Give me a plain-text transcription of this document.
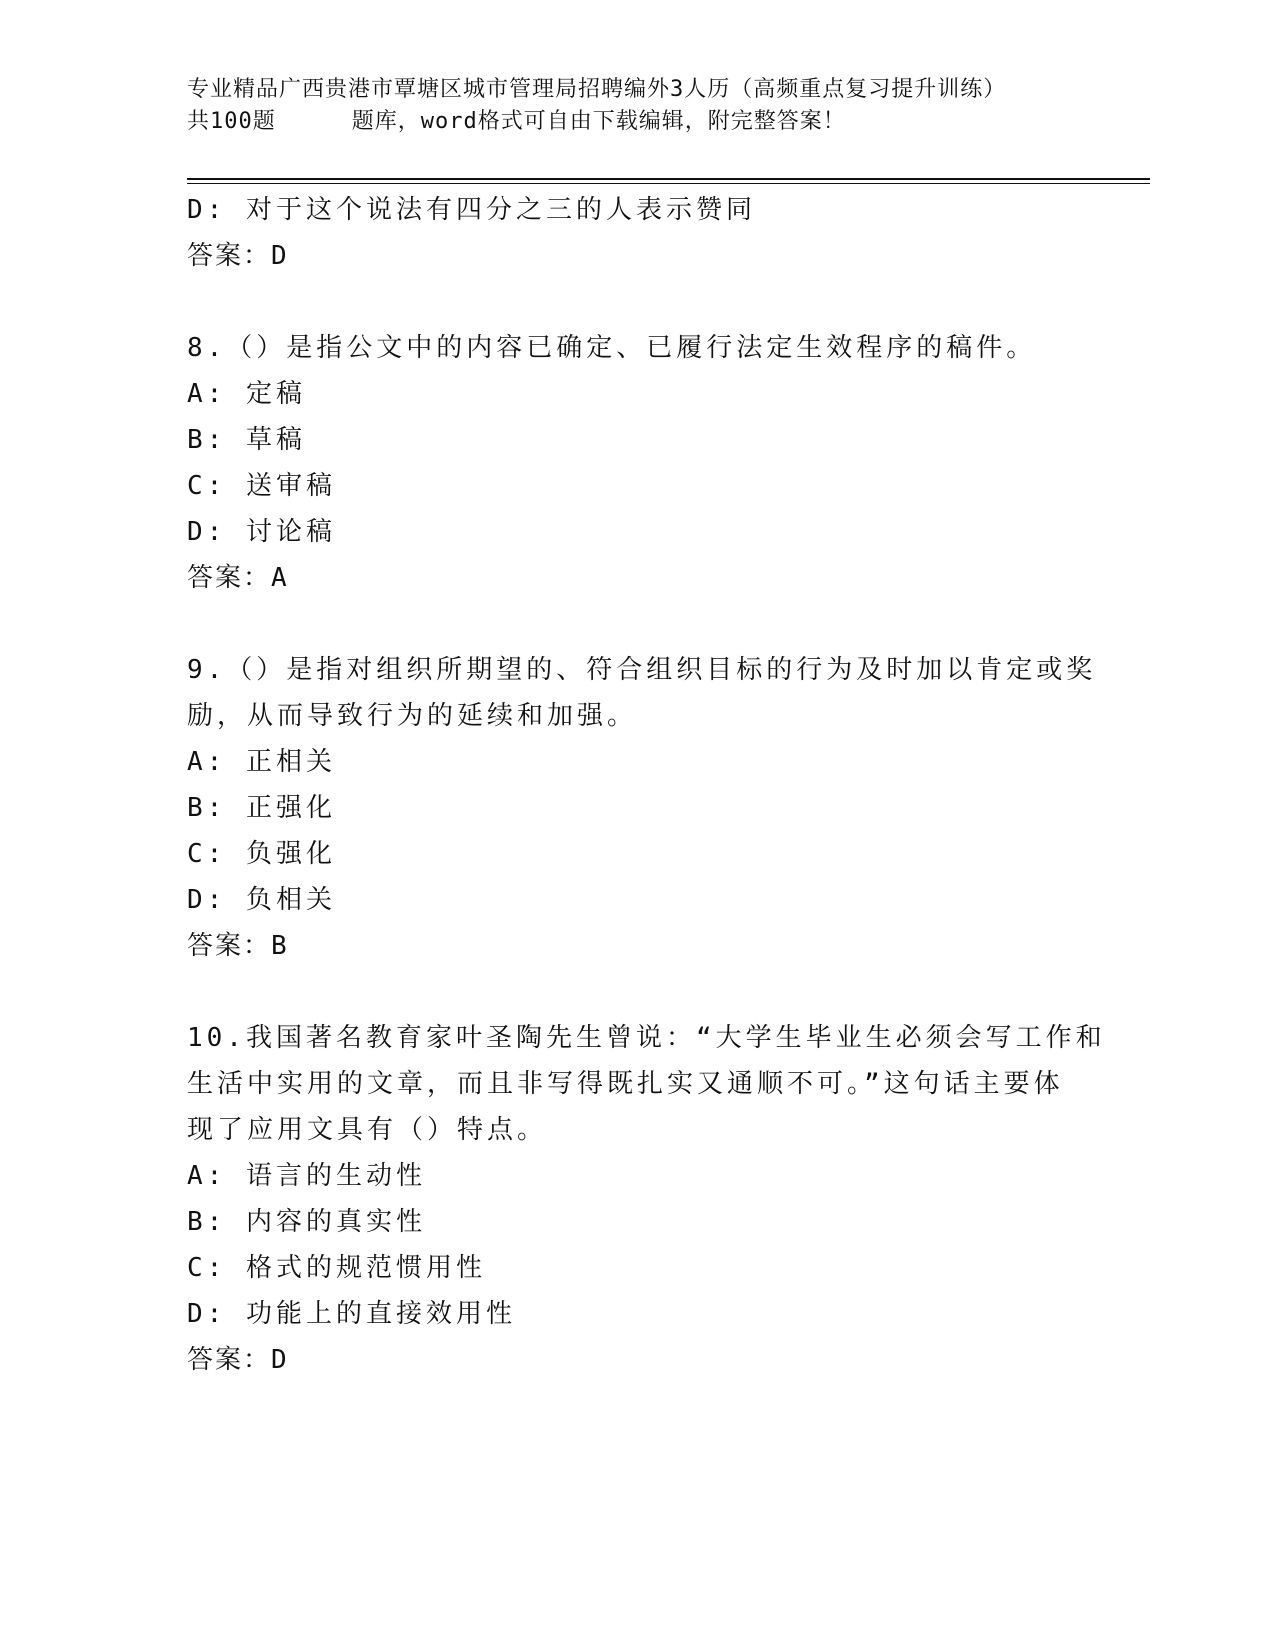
专业精品广西贵港市覃塘区城市管理局招聘编外3人历（高频重点复习提升训练）
共100题	题库，word格式可自由下载编辑，附完整答案！
D: 对于这个说法有四分之三的人表示赞同
答案：D
8.（）是指公文中的内容已确定、已履行法定生效程序的稿件。
A: 定稿
B: 草稿
C: 送审稿
D: 讨论稿
答案：A
9.（）是指对组织所期望的、符合组织目标的行为及时加以肯定或奖
励，从而导致行为的延续和加强。
A: 正相关
B: 正强化
C: 负强化
D: 负相关
答案：B
10.我国著名教育家叶圣陶先生曾说：“大学生毕业生必须会写工作和
生活中实用的文章，而且非写得既扎实又通顺不可。”这句话主要体
现了应用文具有（）特点。
A: 语言的生动性
B: 内容的真实性
C: 格式的规范惯用性
D: 功能上的直接效用性
答案：D
